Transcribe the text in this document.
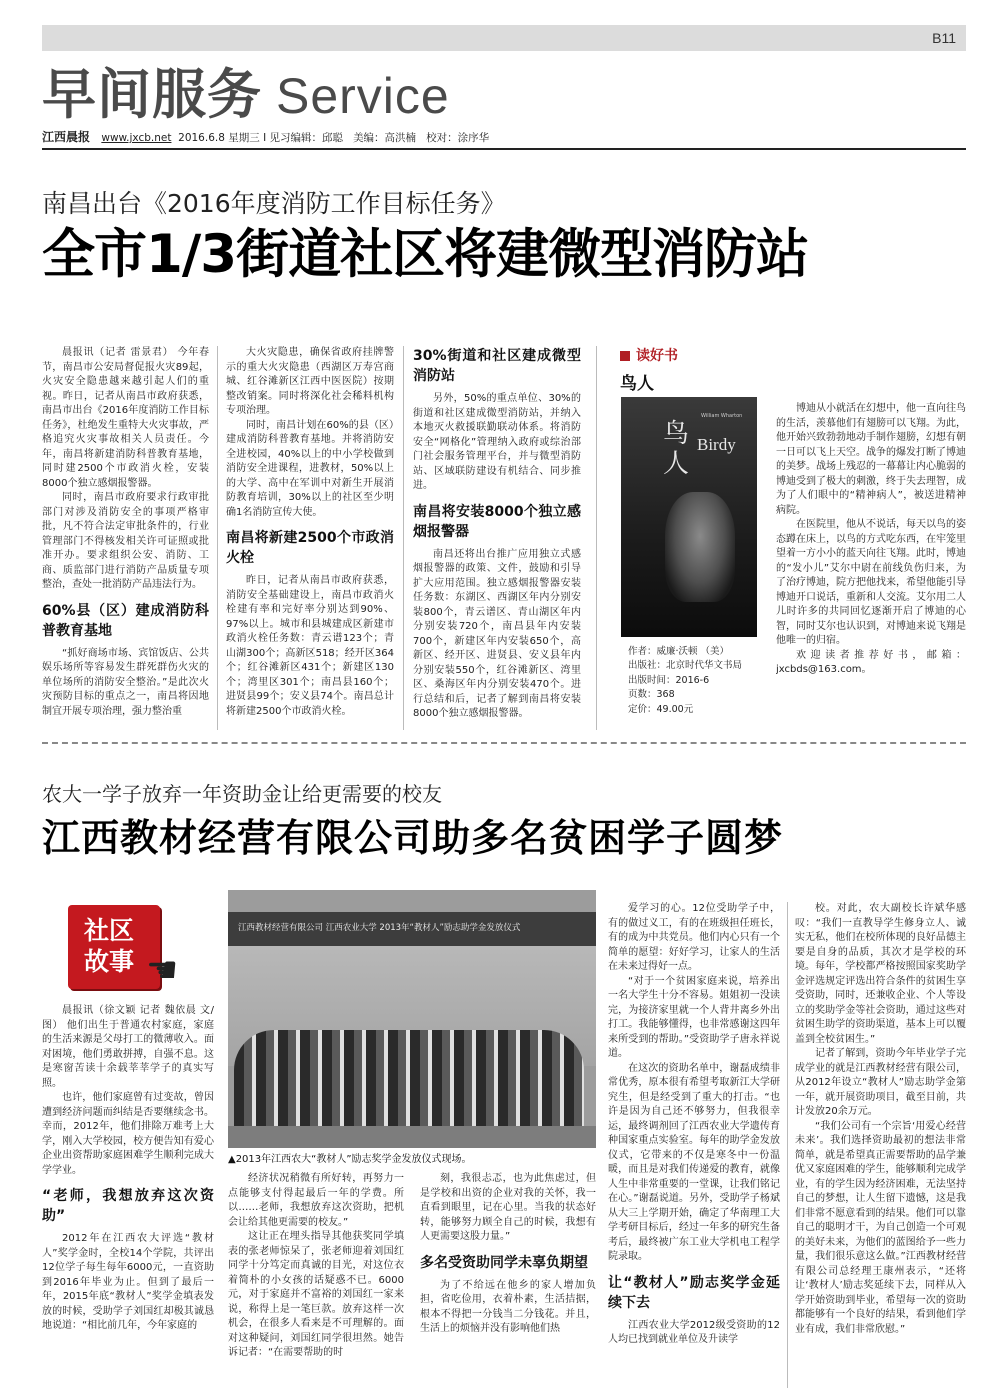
B11
早间服务 Service
江西晨报 www.jxcb.net 2016.6.8 星期三 I 见习编辑：邱聪 美编：高洪楠 校对：涂序华
南昌出台《2016年度消防工作目标任务》
全市1/3街道社区将建微型消防站

晨报讯（记者 雷景君） 今年春节，南昌市公安局督促报火灾89起，火灾安全隐患越来越引起人们的重视。昨日，记者从南昌市政府获悉，南昌市出台《2016年度消防工作目标任务》，杜绝发生重特大火灾事故，严格追究火灾事故相关人员责任。今年，南昌将新建消防科普教育基地，同时建2500个市政消火栓，安装8000个独立感烟报警器。

同时，南昌市政府要求行政审批部门对涉及消防安全的事项严格审批，凡不符合法定审批条件的，行业管理部门不得核发相关许可证照或批准开办。要求组织公安、消防、工商、质监部门进行消防产品质量专项整治，查处一批消防产品违法行为。

60%县（区）建成消防科普教育基地

“抓好商场市场、宾馆饭店、公共娱乐场所等容易发生群死群伤火灾的单位场所的消防安全整治。”是此次火灾预防目标的重点之一，南昌将因地制宜开展专项治理，强力整治重

大火灾隐患，确保省政府挂牌警示的重大火灾隐患（西湖区万寿宫商城、红谷滩新区江西中医医院）按期整改销案。同时将深化社会稀料机构专项治理。

同时，南昌计划在60%的县（区）建成消防科普教育基地。并将消防安全进校园，40%以上的中小学校做到消防安全进课程，进教材，50%以上的大学、高中在军训中对新生开展消防教育培训，30%以上的社区至少明确1名消防宣传大使。

南昌将新建2500个市政消火栓

昨日，记者从南昌市政府获悉，消防安全基础建设上，南昌市政消火栓建有率和完好率分别达到90%、97%以上。城市和县城建成区新建市政消火栓任务数：青云谱123个；青山湖300个；高新区518；经开区364个；红谷滩新区431个；新建区130个；湾里区301个；南昌县160个；进贤县99个；安义县74个。南昌总计将新建2500个市政消火栓。

30%街道和社区建成微型消防站

另外，50%的重点单位、30%的街道和社区建成微型消防站，并纳入本地灭火救援联勤联动体系。将消防安全“网格化”管理纳入政府或综治部门社会服务管理平台，并与微型消防站、区域联防建设有机结合、同步推进。

南昌将安装8000个独立感烟报警器

南昌还将出台推广应用独立式感烟报警器的政策、文件，鼓励和引导扩大应用范围。独立感烟报警器安装任务数：东湖区、西湖区年内分别安装800个，青云谱区、青山湖区年内分别安装720个，南昌县年内安装700个，新建区年内安装650个，高新区、经开区、进贤县、安义县年内分别安装550个，红谷滩新区、湾里区、桑海区年内分别安装470个。进行总结和后，记者了解到南昌将安装8000个独立感烟报警器。

读好书
鸟人
William Wharton
鸟人
Birdy
作者：威廉·沃顿 （美）
出版社：北京时代华文书局
出版时间：2016-6
页数：368
定价：49.00元

博迪从小就活在幻想中，他一直向往鸟的生活，羡慕他们有翅膀可以飞翔。为此，他开始兴致勃勃地动手制作翅膀，幻想有朝一日可以飞上天空。战争的爆发打断了博迪的美梦。战场上残忍的一幕幕让内心脆弱的博迪受到了极大的刺激，终于失去理智，成为了人们眼中的“精神病人”，被送进精神病院。

在医院里，他从不说话，每天以鸟的姿态蹲在床上，以鸟的方式吃东西，在牢笼里望着一方小小的蓝天向往飞翔。此时，博迪的“发小儿”艾尔中尉在前线负伤归来，为了治疗博迪，院方把他找来，希望他能引导博迪开口说话，重新和人交流。艾尔用二人儿时许多的共同回忆逐渐开启了博迪的心智，同时艾尔也认识到，对博迪来说飞翔是他唯一的归宿。

欢迎读者推荐好书，邮箱：jxcbds@163.com。

农大一学子放弃一年资助金让给更需要的校友
江西教材经营有限公司助多名贫困学子圆梦
社区故事 ☚

晨报讯（徐文颖 记者 魏依晨 文/图） 他们出生于普通农村家庭，家庭的生活来源是父母打工的微薄收入。面对困境，他们勇敢拼搏，自强不息。这是寒窗苦读十余载莘莘学子的真实写照。

也许，他们家庭曾有过变故，曾因遭到经济问题而纠结是否要继续念书。幸而，2012年，他们排除万难考上大学，刚入大学校园，校方便告知有爱心企业出资帮助家庭困难学生顺利完成大学学业。

“老师，我想放弃这次资助”

2012年在江西农大评选“教材人”奖学金时，全校14个学院，共评出12位学子每生每年6000元，一直资助到2016年毕业为止。但到了最后一年，2015年底“教材人”奖学金填表发放的时候，受助学子刘国红却极其诚恳地说道：“相比前几年，今年家庭的

江西教材经营有限公司 江西农业大学 2013年“教材人”励志助学金发放仪式
▲2013年江西农大“教材人”励志奖学金发放仪式现场。

经济状况稍微有所好转，再努力一点能够支付得起最后一年的学费。所以……老师，我想放弃这次资助，把机会让给其他更需要的校友。”

这让正在埋头指导其他获奖同学填表的张老师惊呆了，张老师迎着刘国红同学十分笃定而真诚的目光，对这位衣着简朴的小女孩的话疑惑不已。6000元，对于家庭并不富裕的刘国红一家来说，称得上是一笔巨款。放弃这样一次机会，在很多人看来是不可理解的。面对这种疑问，刘国红同学很坦然。她告诉记者：“在需要帮助的时

刻，我很忐忑，也为此焦虑过，但是学校和出资的企业对我的关怀，我一直看到眼里，记在心里。当我的状态好转，能够努力顾全自己的时候，我想有人更需要这股力量。”

多名受资助同学未辜负期望

为了不给远在他乡的家人增加负担，省吃俭用，衣着朴素，生活拮据，根本不得把一分钱当二分钱花。并且，生活上的烦恼并没有影响他们热

爱学习的心。12位受助学子中，有的做过义工，有的在班级担任班长，有的成为中共党员。他们内心只有一个简单的愿望：好好学习，让家人的生活在未来过得好一点。

“对于一个贫困家庭来说，培养出一名大学生十分不容易。姐姐初一没读完，为接济家里就一个人背井离乡外出打工。我能够懂得，也非常感谢这四年来所受到的帮助。”受资助学子唐永祥说道。

在这次的资助名单中，谢磊成绩非常优秀，原本很有希望考取新江大学研究生，但是经受到了重大的打击。“也许是因为自己还不够努力，但我很幸运，最终调剂回了江西农业大学遗传育种国家重点实验室。每年的助学金发放仪式，它带来的不仅是寒冬中一份温暖，而且是对我们传递爱的教育，就像人生中非常重要的一堂课，让我们铭记在心。”谢磊说道。另外，受助学子杨斌从大三上学期开始，确定了华南理工大学考研目标后，经过一年多的研究生备考后，最终被广东工业大学机电工程学院录取。

让“教材人”励志奖学金延续下去

江西农业大学2012级受资助的12人均已找到就业单位及升读学

校。对此，农大副校长许斌华感叹：“我们一直教导学生修身立人、诚实无私，他们在校所体现的良好品德主要是自身的品质，其次才是学校的环境。每年，学校都严格按照国家奖助学金评选规定评选出符合条件的贫困生享受资助，同时，还兼收企业、个人等设立的奖助学金等社会资助，通过这些对贫困生助学的资助渠道，基本上可以覆盖到全校贫困生。”

记者了解到，资助今年毕业学子完成学业的就是江西教材经营有限公司，从2012年设立“教材人”励志助学金第一年，就开展资助项目，截至目前，共计发放20余万元。

“我们公司有一个宗旨‘用爱心经营未来’。我们选择资助最初的想法非常简单，就是希望真正需要帮助的品学兼优又家庭困难的学生，能够顺利完成学业，有的学生因为经济困难，无法坚持自己的梦想，让人生留下遗憾，这是我们非常不愿意看到的结果。他们可以靠自己的聪明才干，为自己创造一个可观的美好未来，为他们的蓝图给予一些力量，我们很乐意这么做。”江西教材经营有限公司总经理王康州表示，“还将让‘教材人’励志奖延续下去，同样从入学开始资助到毕业，希望每一次的资助都能够有一个良好的结果，看到他们学业有成，我们非常欣慰。”
